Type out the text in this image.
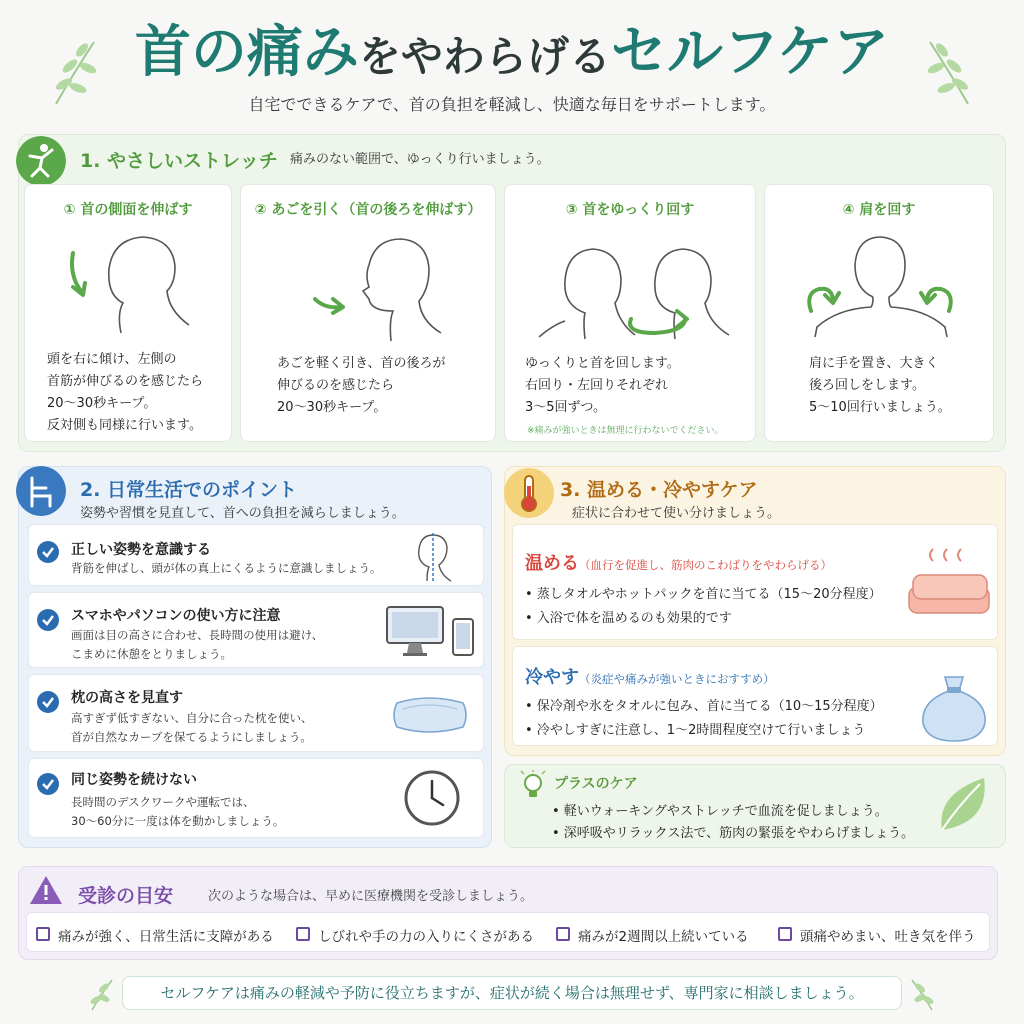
首の痛みをやわらげるセルフケア
自宅でできるケアで、首の負担を軽減し、快適な毎日をサポートします。
1. やさしいストレッチ 痛みのない範囲で、ゆっくり行いましょう。
① 首の側面を伸ばす
頭を右に傾け、左側の
首筋が伸びるのを感じたら
20〜30秒キープ。
反対側も同様に行います。
② あごを引く（首の後ろを伸ばす）
あごを軽く引き、首の後ろが
伸びるのを感じたら
20〜30秒キープ。
③ 首をゆっくり回す
ゆっくりと首を回します。
右回り・左回りそれぞれ
3〜5回ずつ。
※痛みが強いときは無理に行わないでください。
④ 肩を回す
肩に手を置き、大きく
後ろ回しをします。
5〜10回行いましょう。
2. 日常生活でのポイント
姿勢や習慣を見直して、首への負担を減らしましょう。
正しい姿勢を意識する
背筋を伸ばし、頭が体の真上にくるように意識しましょう。
スマホやパソコンの使い方に注意
画面は目の高さに合わせ、長時間の使用は避け、
こまめに休憩をとりましょう。
枕の高さを見直す
高すぎず低すぎない、自分に合った枕を使い、
首が自然なカーブを保てるようにしましょう。
同じ姿勢を続けない
長時間のデスクワークや運転では、
30〜60分に一度は体を動かしましょう。
3. 温める・冷やすケア
症状に合わせて使い分けましょう。
温める（血行を促進し、筋肉のこわばりをやわらげる）
• 蒸しタオルやホットパックを首に当てる（15〜20分程度）
• 入浴で体を温めるのも効果的です
冷やす（炎症や痛みが強いときにおすすめ）
• 保冷剤や氷をタオルに包み、首に当てる（10〜15分程度）
• 冷やしすぎに注意し、1〜2時間程度空けて行いましょう
プラスのケア
• 軽いウォーキングやストレッチで血流を促しましょう。
• 深呼吸やリラックス法で、筋肉の緊張をやわらげましょう。
受診の目安	次のような場合は、早めに医療機関を受診しましょう。
痛みが強く、日常生活に支障がある	しびれや手の力の入りにくさがある	痛みが2週間以上続いている	頭痛やめまい、吐き気を伴う
セルフケアは痛みの軽減や予防に役立ちますが、症状が続く場合は無理せず、専門家に相談しましょう。
